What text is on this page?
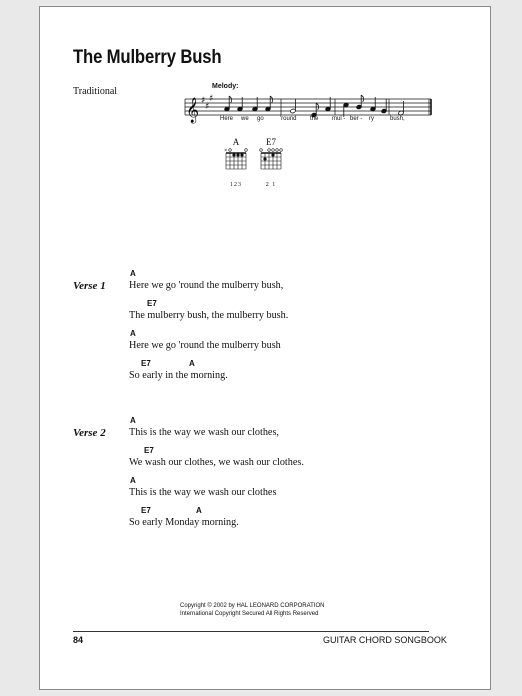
The Mulberry Bush
Traditional	Melody:
𝄞 ♯
♯
♯
Here we go	'round the mul - ber - ry	bush,
A
×
123
E7
2 1
Verse 1
A
Here we go 'round the mulberry bush,
E7
The mulberry bush, the mulberry bush.
A
Here we go 'round the mulberry bush
E7	A
So early in the morning.
Verse 2
A
This is the way we wash our clothes,
E7
We wash our clothes, we wash our clothes.
A
This is the way we wash our clothes
E7	A
So early Monday morning.
Copyright © 2002 by HAL LEONARD CORPORATION
International Copyright Secured All Rights Reserved
84	GUITAR CHORD SONGBOOK
